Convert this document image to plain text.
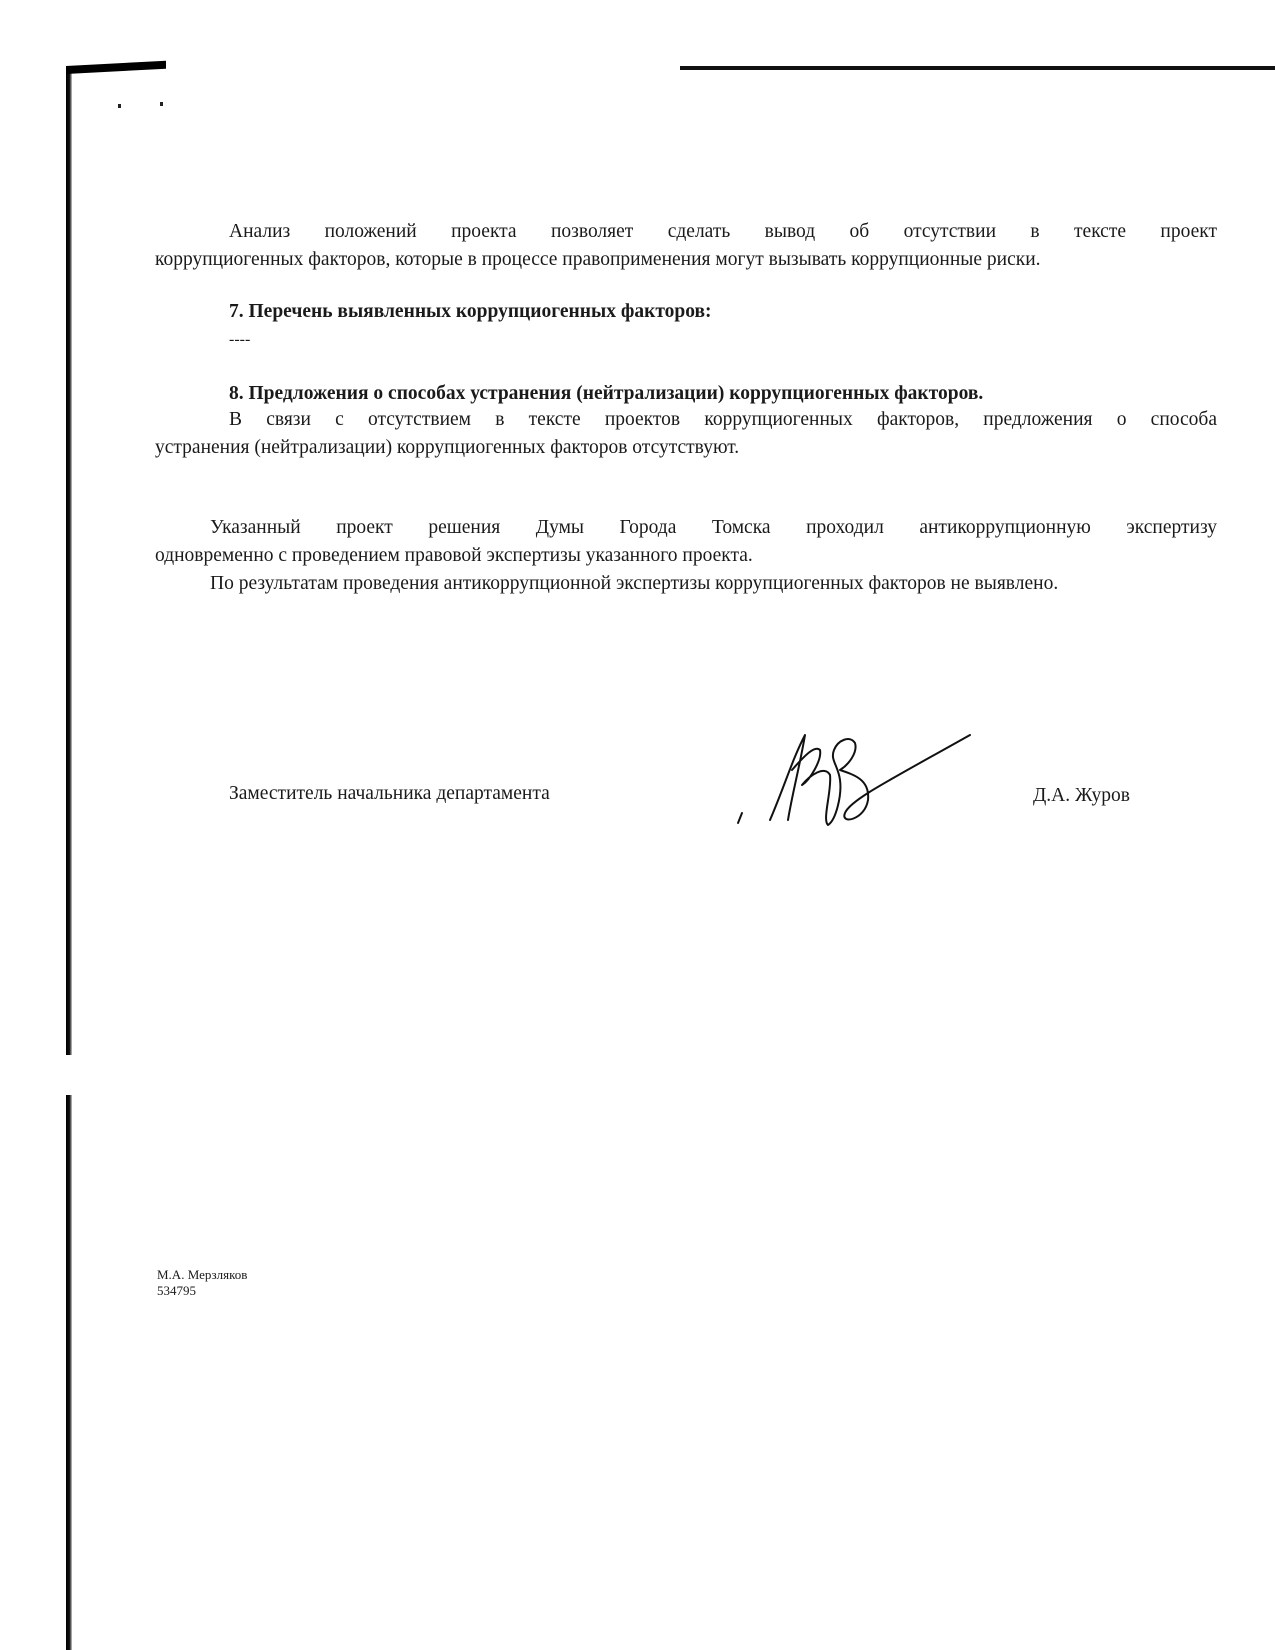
Анализ положений проекта позволяет сделать вывод об отсутствии в тексте проект
коррупциогенных факторов, которые в процессе правоприменения могут вызывать коррупционные риски.
7. Перечень выявленных коррупциогенных факторов:
----
8. Предложения о способах устранения (нейтрализации) коррупциогенных факторов.
В связи с отсутствием в тексте проектов коррупциогенных факторов, предложения о способа
устранения (нейтрализации) коррупциогенных факторов отсутствуют.
Указанный проект решения Думы Города Томска проходил антикоррупционную экспертизу
одновременно с проведением правовой экспертизы указанного проекта.
По результатам проведения антикоррупционной экспертизы коррупциогенных факторов не выявлено.
Заместитель начальника департамента	Д.А. Журов
М.А. Мерзляков
534795
